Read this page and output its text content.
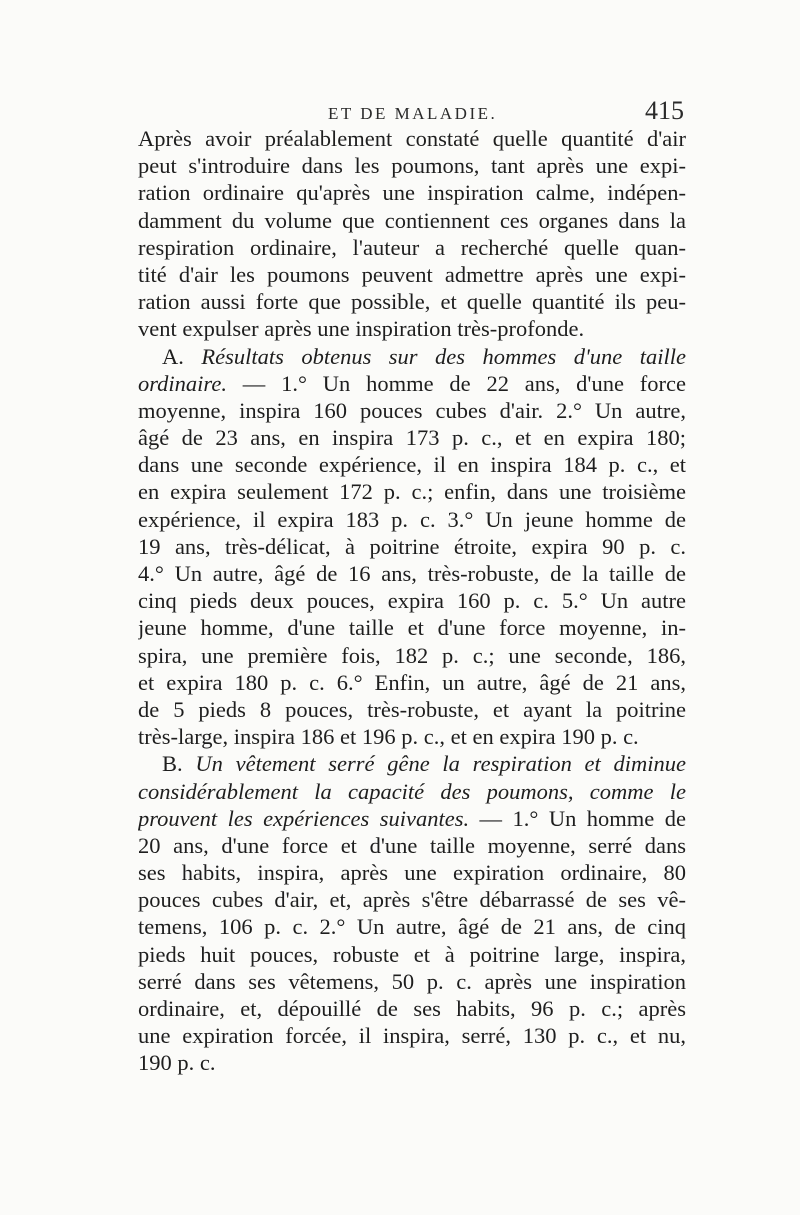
ET DE MALADIE.	415
Après avoir préalablement constaté quelle quantité d'air
peut s'introduire dans les poumons, tant après une expi-
ration ordinaire qu'après une inspiration calme, indépen-
damment du volume que contiennent ces organes dans la
respiration ordinaire, l'auteur a recherché quelle quan-
tité d'air les poumons peuvent admettre après une expi-
ration aussi forte que possible, et quelle quantité ils peu-
vent expulser après une inspiration très-profonde.
A. Résultats obtenus sur des hommes d'une taille
ordinaire. — 1.° Un homme de 22 ans, d'une force
moyenne, inspira 160 pouces cubes d'air. 2.° Un autre,
âgé de 23 ans, en inspira 173 p. c., et en expira 180;
dans une seconde expérience, il en inspira 184 p. c., et
en expira seulement 172 p. c.; enfin, dans une troisième
expérience, il expira 183 p. c. 3.° Un jeune homme de
19 ans, très-délicat, à poitrine étroite, expira 90 p. c.
4.° Un autre, âgé de 16 ans, très-robuste, de la taille de
cinq pieds deux pouces, expira 160 p. c. 5.° Un autre
jeune homme, d'une taille et d'une force moyenne, in-
spira, une première fois, 182 p. c.; une seconde, 186,
et expira 180 p. c. 6.° Enfin, un autre, âgé de 21 ans,
de 5 pieds 8 pouces, très-robuste, et ayant la poitrine
très-large, inspira 186 et 196 p. c., et en expira 190 p. c.
B. Un vêtement serré gêne la respiration et diminue
considérablement la capacité des poumons, comme le
prouvent les expériences suivantes. — 1.° Un homme de
20 ans, d'une force et d'une taille moyenne, serré dans
ses habits, inspira, après une expiration ordinaire, 80
pouces cubes d'air, et, après s'être débarrassé de ses vê-
temens, 106 p. c. 2.° Un autre, âgé de 21 ans, de cinq
pieds huit pouces, robuste et à poitrine large, inspira,
serré dans ses vêtemens, 50 p. c. après une inspiration
ordinaire, et, dépouillé de ses habits, 96 p. c.; après
une expiration forcée, il inspira, serré, 130 p. c., et nu,
190 p. c.
